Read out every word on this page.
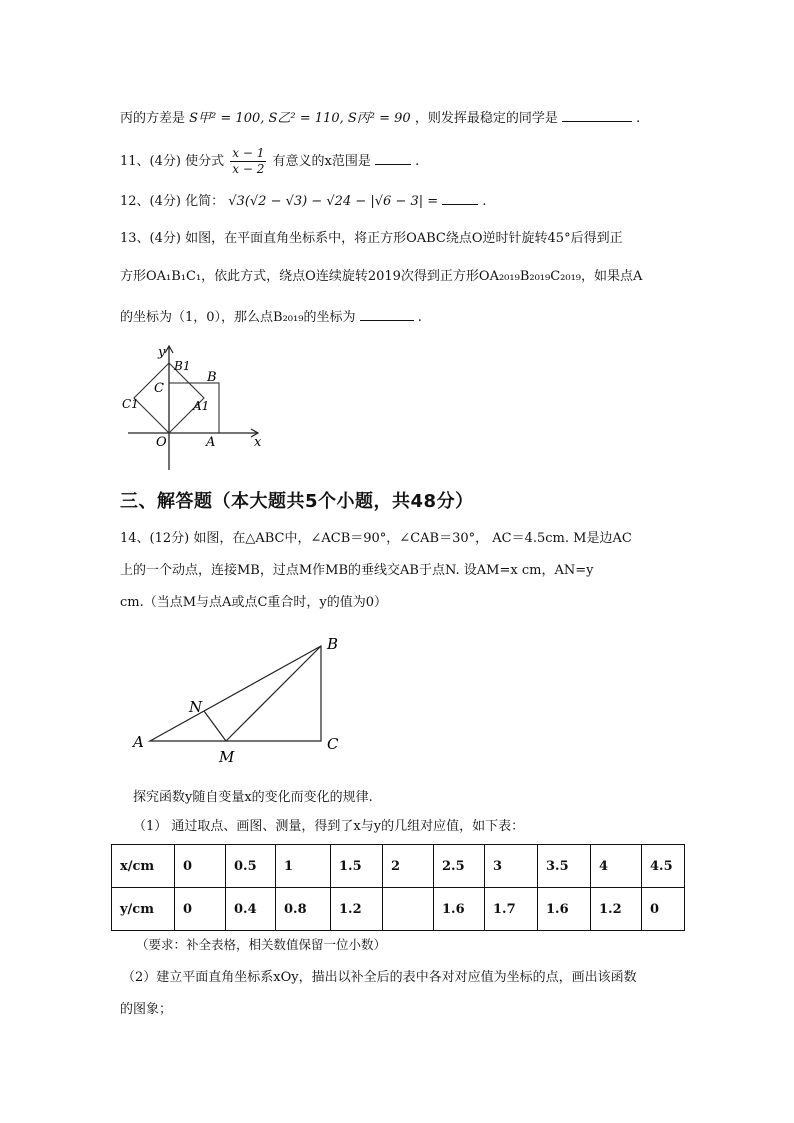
丙的方差是 S甲² = 100, S乙² = 110, S丙² = 90 ，则发挥最稳定的同学是	.
11、(4分) 使分式 $\frac{x - 1}{x - 2}$ 有意义的x范围是	.
12、(4分) 化简： √3(√2 − √3) − √24 − |√6 − 3| =	.
13、(4分) 如图，在平面直角坐标系中，将正方形OABC绕点O逆时针旋转45°后得到正
方形OA₁B₁C₁，依此方式，绕点O连续旋转2019次得到正方形OA₂₀₁₉B₂₀₁₉C₂₀₁₉，如果点A
的坐标为（1，0），那么点B₂₀₁₉的坐标为	.
y
x
O	A
B
C
A1
B1
C1
三、解答题（本大题共5个小题，共48分）
14、(12分) 如图，在△ABC中，∠ACB＝90°，∠CAB＝30°， AC＝4.5cm. M是边AC
上的一个动点，连接MB，过点M作MB的垂线交AB于点N. 设AM=x cm，AN=y
cm.（当点M与点A或点C重合时，y的值为0）
A
B
C
M
N
探究函数y随自变量x的变化而变化的规律.
（1） 通过取点、画图、测量，得到了x与y的几组对应值，如下表：
x/cm	0	0.5	1	1.5	2	2.5	3	3.5	4	4.5
y/cm	0	0.4	0.8	1.2		1.6	1.7	1.6	1.2	0
（要求：补全表格，相关数值保留一位小数）
（2）建立平面直角坐标系xOy，描出以补全后的表中各对对应值为坐标的点，画出该函数
的图象；
